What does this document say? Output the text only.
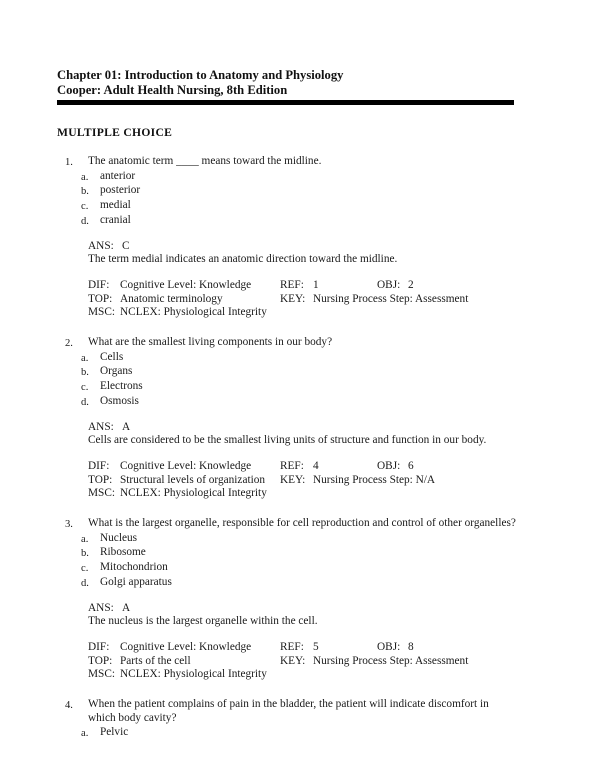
Chapter 01: Introduction to Anatomy and Physiology
Cooper: Adult Health Nursing, 8th Edition
MULTIPLE CHOICE
1.	The anatomic term ____ means toward the midline.
a.	anterior
b. posterior
c.	medial
d. cranial
ANS: C
The term medial indicates an anatomic direction toward the midline.
DIF: Cognitive Level: Knowledge	REF: 1	OBJ: 2
TOP: Anatomic terminology	KEY: Nursing Process Step: Assessment
MSC: NCLEX: Physiological Integrity
2.	What are the smallest living components in our body?
a.	Cells
b. Organs
c.	Electrons
d. Osmosis
ANS: A
Cells are considered to be the smallest living units of structure and function in our body.
DIF: Cognitive Level: Knowledge	REF: 4	OBJ: 6
TOP: Structural levels of organization	KEY: Nursing Process Step: N/A
MSC: NCLEX: Physiological Integrity
3.	What is the largest organelle, responsible for cell reproduction and control of other organelles?
a.	Nucleus
b. Ribosome
c.	Mitochondrion
d. Golgi apparatus
ANS: A
The nucleus is the largest organelle within the cell.
DIF: Cognitive Level: Knowledge	REF: 5	OBJ: 8
TOP: Parts of the cell	KEY: Nursing Process Step: Assessment
MSC: NCLEX: Physiological Integrity
4.	When the patient complains of pain in the bladder, the patient will indicate discomfort in which body cavity?
a.	Pelvic
